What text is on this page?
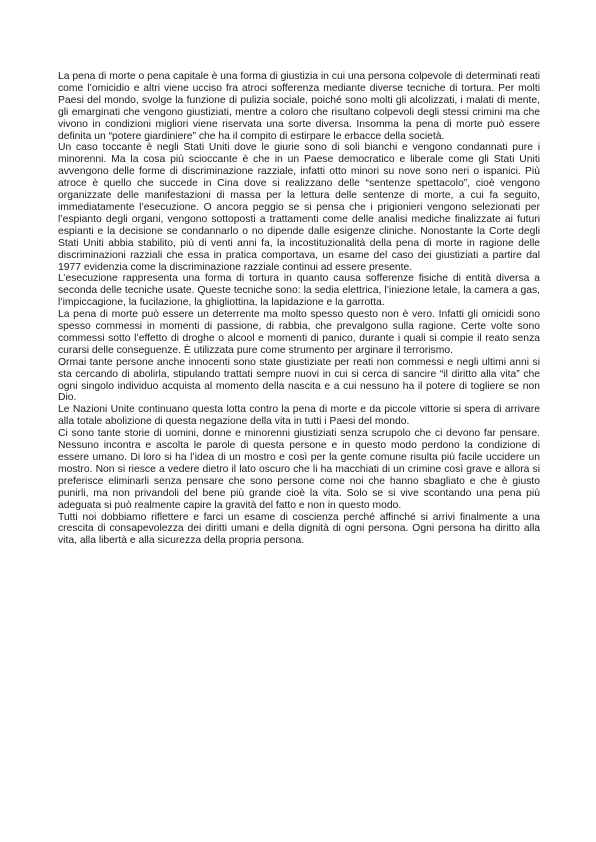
La pena di morte o pena capitale è una forma di giustizia in cui una persona colpevole di determinati reati come l’omicidio e altri viene ucciso fra atroci sofferenza mediante diverse tecniche di tortura. Per molti Paesi del mondo, svolge la funzione di pulizia sociale, poiché sono molti gli alcolizzati, i malati di mente, gli emarginati che vengono giustiziati, mentre a coloro che risultano colpevoli degli stessi crimini ma che vivono in condizioni migliori viene riservata una sorte diversa. Insomma la pena di morte può essere definita un “potere giardiniere” che ha il compito di estirpare le erbacce della società.

Un caso toccante è negli Stati Uniti dove le giurie sono di soli bianchi e vengono condannati pure i minorenni. Ma la cosa più scioccante è che in un Paese democratico e liberale come gli Stati Uniti avvengono delle forme di discriminazione razziale, infatti otto minori su nove sono neri o ispanici. Più atroce è quello che succede in Cina dove si realizzano delle “sentenze spettacolo”, cioè vengono organizzate delle manifestazioni di massa per la lettura delle sentenze di morte, a cui fa seguito, immediatamente l’esecuzione. O ancora peggio se si pensa che i prigionieri vengono selezionati per l’espianto degli organi, vengono sottoposti a trattamenti come delle analisi mediche finalizzate ai futuri espianti e la decisione se condannarlo o no dipende dalle esigenze cliniche. Nonostante la Corte degli Stati Uniti abbia stabilito, più di venti anni fa, la incostituzionalità della pena di morte in ragione delle discriminazioni razziali che essa in pratica comportava, un esame del caso dei giustiziati a partire dal 1977 evidenzia come la discriminazione razziale continui ad essere presente.

L’esecuzione rappresenta una forma di tortura in quanto causa sofferenze fisiche di entità diversa a seconda delle tecniche usate. Queste tecniche sono: la sedia elettrica, l’iniezione letale, la camera a gas, l’impiccagione, la fucilazione, la ghigliottina, la lapidazione e la garrotta.

La pena di morte può essere un deterrente ma molto spesso questo non è vero. Infatti gli omicidi sono spesso commessi in momenti di passione, di rabbia, che prevalgono sulla ragione. Certe volte sono commessi sotto l’effetto di droghe o alcool e momenti di panico, durante i quali si compie il reato senza curarsi delle conseguenze. È utilizzata pure come strumento per arginare il terrorismo.

Ormai tante persone anche innocenti sono state giustiziate per reati non commessi e negli ultimi anni si sta cercando di abolirla, stipulando trattati sempre nuovi in cui si cerca di sancire “il diritto alla vita” che ogni singolo individuo acquista al momento della nascita e a cui nessuno ha il potere di togliere se non Dio.

Le Nazioni Unite continuano questa lotta contro la pena di morte e da piccole vittorie si spera di arrivare alla totale abolizione di questa negazione della vita in tutti i Paesi del mondo.

Ci sono tante storie di uomini, donne e minorenni giustiziati senza scrupolo che ci devono far pensare. Nessuno incontra e ascolta le parole di questa persone e in questo modo perdono la condizione di essere umano. Di loro si ha l’idea di un mostro e così per la gente comune risulta più facile uccidere un mostro. Non si riesce a vedere dietro il lato oscuro che li ha macchiati di un crimine così grave e allora si preferisce eliminarli senza pensare che sono persone come noi che hanno sbagliato e che è giusto punirli, ma non privandoli del bene più grande cioè la vita. Solo se si vive scontando una pena più adeguata si può realmente capire la gravità del fatto e non in questo modo.

Tutti noi dobbiamo riflettere e farci un esame di coscienza perché affinché si arrivi finalmente a una crescita di consapevolezza dei diritti umani e della dignità di ogni persona. Ogni persona ha diritto alla vita, alla libertà e alla sicurezza della propria persona.
